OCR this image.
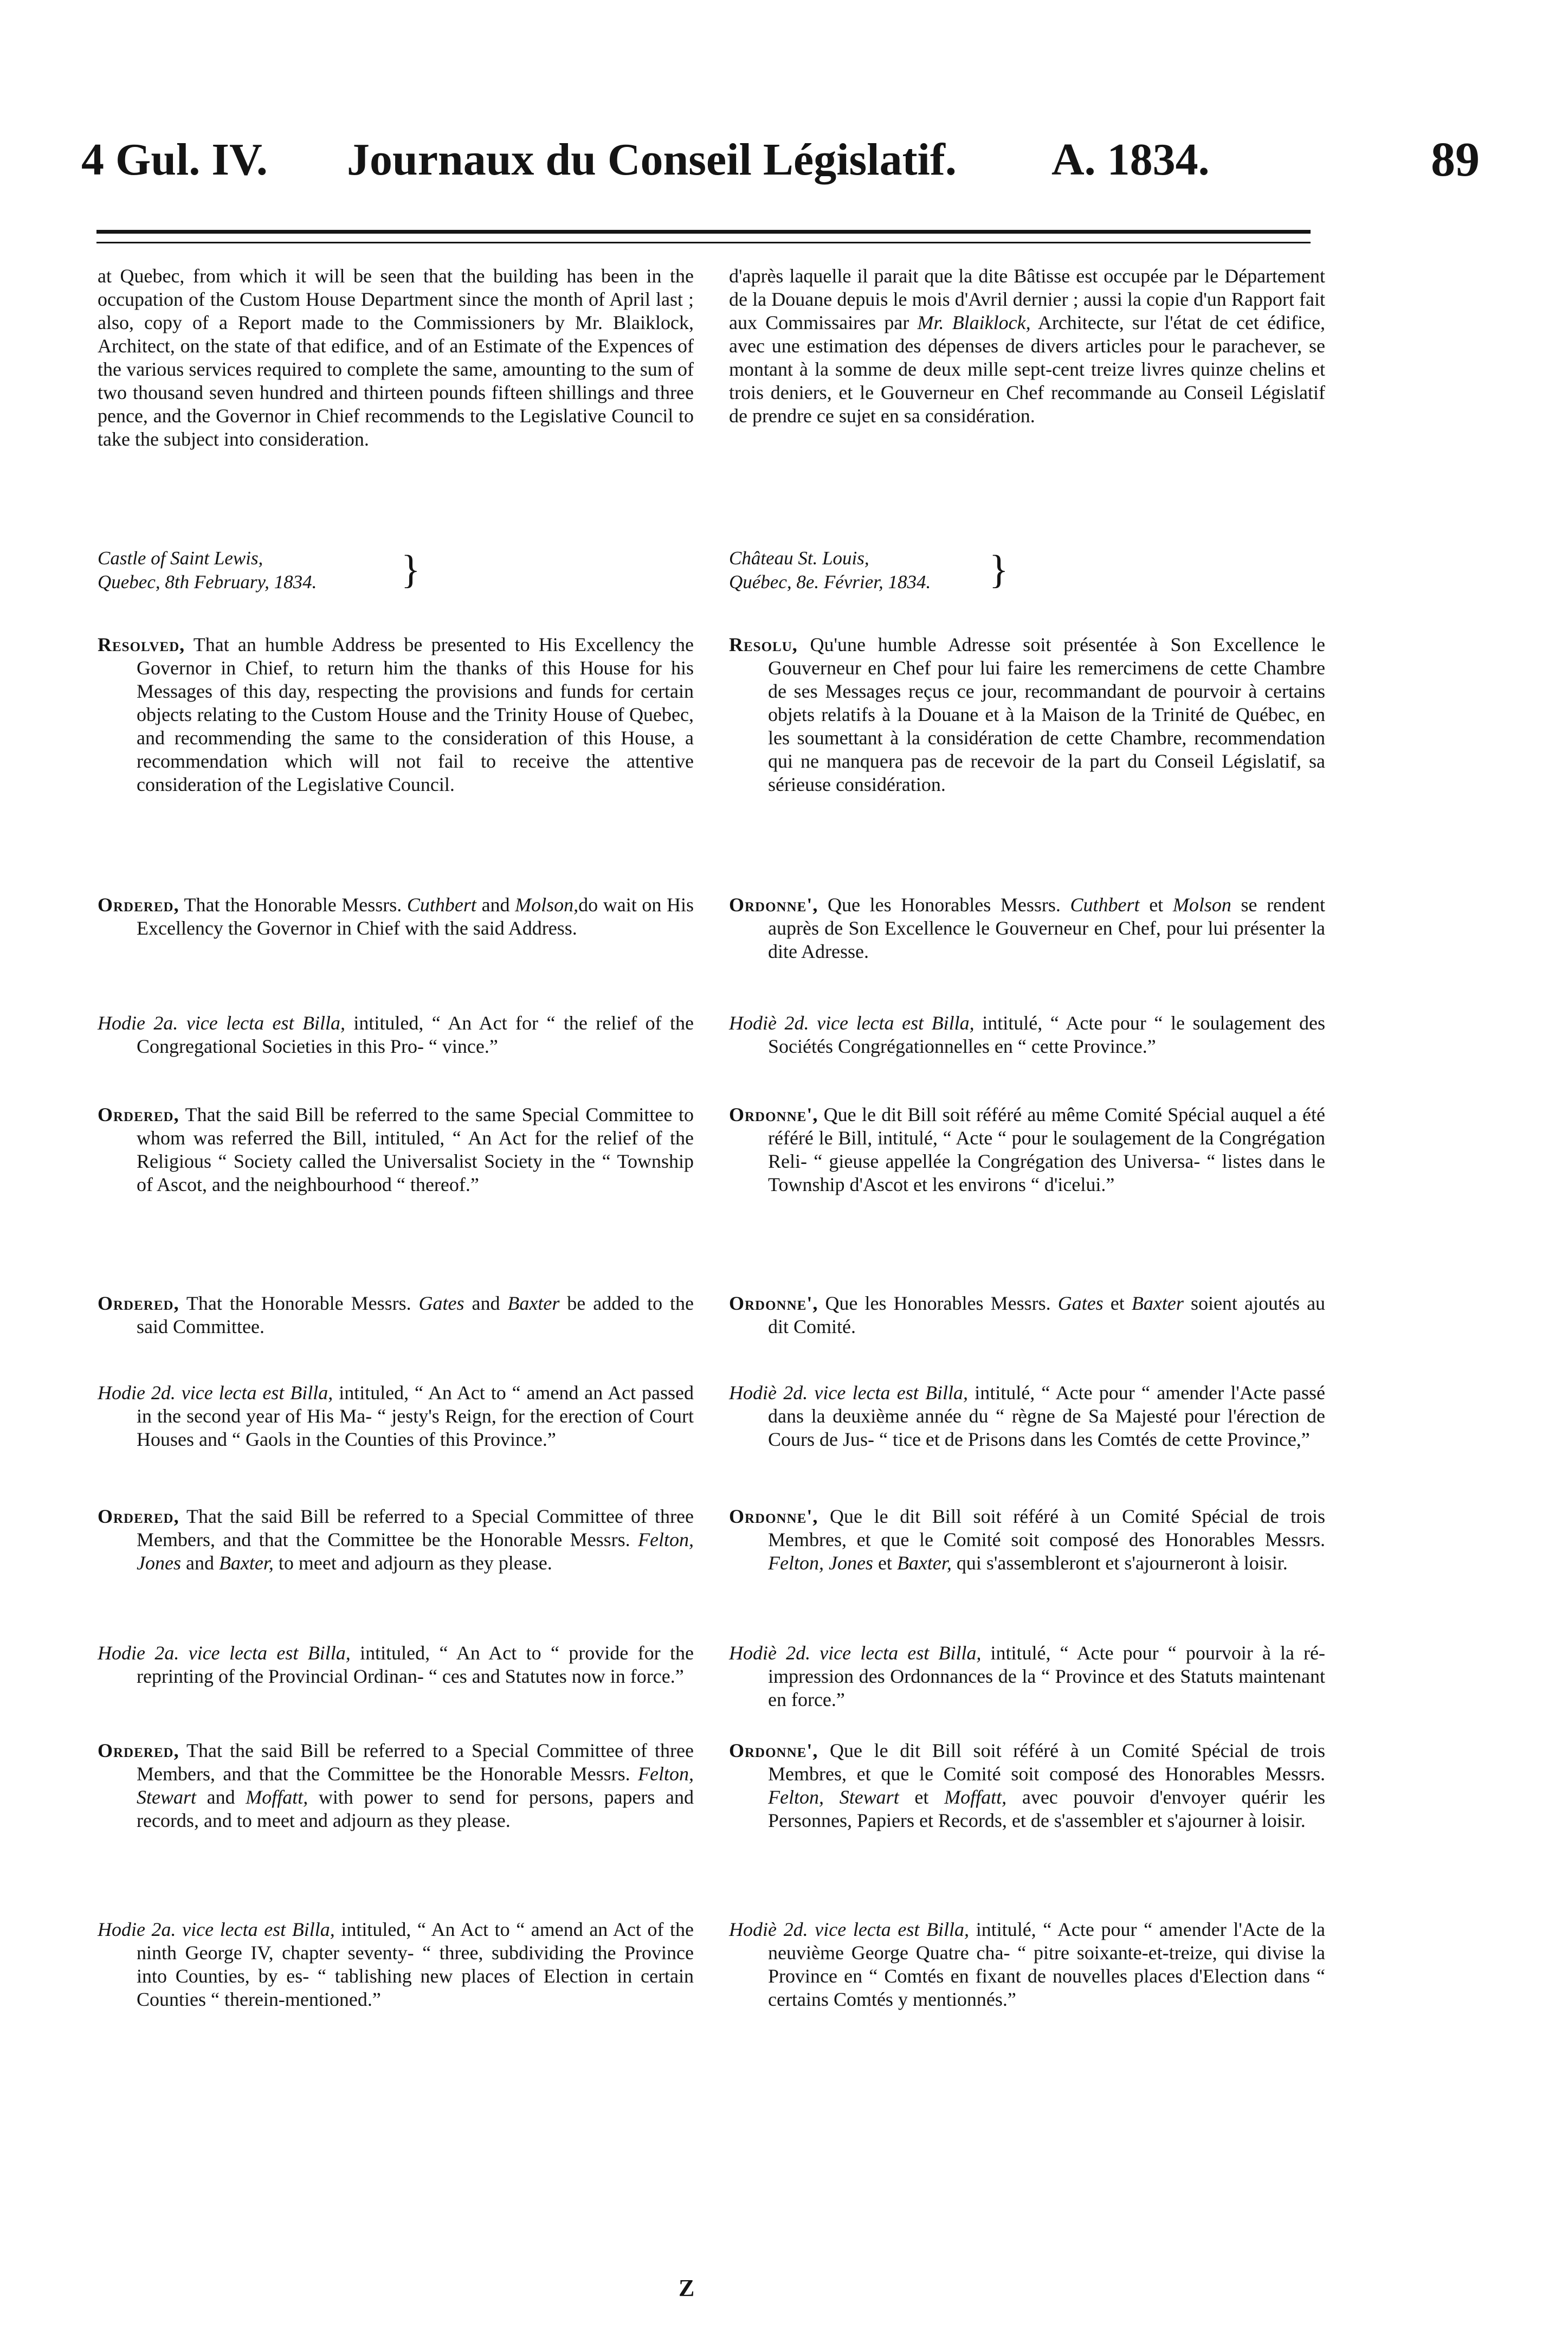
4 Gul. IV. Journaux du Conseil Législatif. A. 1834.	89

at Quebec, from which it will be seen that the building has been in the occupation of the Custom House Department since the month of April last ; also, copy of a Report made to the Commissioners by Mr. Blaiklock, Architect, on the state of that edifice, and of an Estimate of the Expences of the various services required to complete the same, amounting to the sum of two thousand seven hundred and thirteen pounds fifteen shillings and three pence, and the Governor in Chief recommends to the Legislative Council to take the subject into consideration.

Castle of Saint Lewis,
Quebec, 8th February, 1834.	}

Resolved, That an humble Address be presented to His Excellency the Governor in Chief, to return him the thanks of this House for his Messages of this day, respecting the provisions and funds for certain objects relating to the Custom House and the Trinity House of Quebec, and recommending the same to the consideration of this House, a recommendation which will not fail to receive the attentive consideration of the Legislative Council.

Ordered, That the Honorable Messrs. Cuthbert and Molson,do wait on His Excellency the Governor in Chief with the said Address.

Hodie 2a. vice lecta est Billa, intituled, “ An Act for “ the relief of the Congregational Societies in this Pro- “ vince.”

Ordered, That the said Bill be referred to the same Special Committee to whom was referred the Bill, intituled, “ An Act for the relief of the Religious “ Society called the Universalist Society in the “ Township of Ascot, and the neighbourhood “ thereof.”

Ordered, That the Honorable Messrs. Gates and Baxter be added to the said Committee.

Hodie 2d. vice lecta est Billa, intituled, “ An Act to “ amend an Act passed in the second year of His Ma- “ jesty's Reign, for the erection of Court Houses and “ Gaols in the Counties of this Province.”

Ordered, That the said Bill be referred to a Special Committee of three Members, and that the Committee be the Honorable Messrs. Felton, Jones and Baxter, to meet and adjourn as they please.

Hodie 2a. vice lecta est Billa, intituled, “ An Act to “ provide for the reprinting of the Provincial Ordinan- “ ces and Statutes now in force.”

Ordered, That the said Bill be referred to a Special Committee of three Members, and that the Committee be the Honorable Messrs. Felton, Stewart and Moffatt, with power to send for persons, papers and records, and to meet and adjourn as they please.

Hodie 2a. vice lecta est Billa, intituled, “ An Act to “ amend an Act of the ninth George IV, chapter seventy- “ three, subdividing the Province into Counties, by es- “ tablishing new places of Election in certain Counties “ therein-mentioned.”

d'après laquelle il parait que la dite Bâtisse est occupée par le Département de la Douane depuis le mois d'Avril dernier ; aussi la copie d'un Rapport fait aux Commissaires par Mr. Blaiklock, Architecte, sur l'état de cet édifice, avec une estimation des dépenses de divers articles pour le parachever, se montant à la somme de deux mille sept-cent treize livres quinze chelins et trois deniers, et le Gouverneur en Chef recommande au Conseil Législatif de prendre ce sujet en sa considération.

Château St. Louis,
Québec, 8e. Février, 1834.	}

Resolu, Qu'une humble Adresse soit présentée à Son Excellence le Gouverneur en Chef pour lui faire les remercimens de cette Chambre de ses Messages reçus ce jour, recommandant de pourvoir à certains objets relatifs à la Douane et à la Maison de la Trinité de Québec, en les soumettant à la considération de cette Chambre, recommendation qui ne manquera pas de recevoir de la part du Conseil Législatif, sa sérieuse considération.

Ordonne', Que les Honorables Messrs. Cuthbert et Molson se rendent auprès de Son Excellence le Gouverneur en Chef, pour lui présenter la dite Adresse.

Hodiè 2d. vice lecta est Billa, intitulé, “ Acte pour “ le soulagement des Sociétés Congrégationnelles en “ cette Province.”

Ordonne', Que le dit Bill soit référé au même Comité Spécial auquel a été référé le Bill, intitulé, “ Acte “ pour le soulagement de la Congrégation Reli- “ gieuse appellée la Congrégation des Universa- “ listes dans le Township d'Ascot et les environs “ d'icelui.”

Ordonne', Que les Honorables Messrs. Gates et Baxter soient ajoutés au dit Comité.

Hodiè 2d. vice lecta est Billa, intitulé, “ Acte pour “ amender l'Acte passé dans la deuxième année du “ règne de Sa Majesté pour l'érection de Cours de Jus- “ tice et de Prisons dans les Comtés de cette Province,”

Ordonne', Que le dit Bill soit référé à un Comité Spécial de trois Membres, et que le Comité soit composé des Honorables Messrs. Felton, Jones et Baxter, qui s'assembleront et s'ajourneront à loisir.

Hodiè 2d. vice lecta est Billa, intitulé, “ Acte pour “ pourvoir à la ré-impression des Ordonnances de la “ Province et des Statuts maintenant en force.”

Ordonne', Que le dit Bill soit référé à un Comité Spécial de trois Membres, et que le Comité soit composé des Honorables Messrs. Felton, Stewart et Moffatt, avec pouvoir d'envoyer quérir les Personnes, Papiers et Records, et de s'assembler et s'ajourner à loisir.

Hodiè 2d. vice lecta est Billa, intitulé, “ Acte pour “ amender l'Acte de la neuvième George Quatre cha- “ pitre soixante-et-treize, qui divise la Province en “ Comtés en fixant de nouvelles places d'Election dans “ certains Comtés y mentionnés.”

Z
